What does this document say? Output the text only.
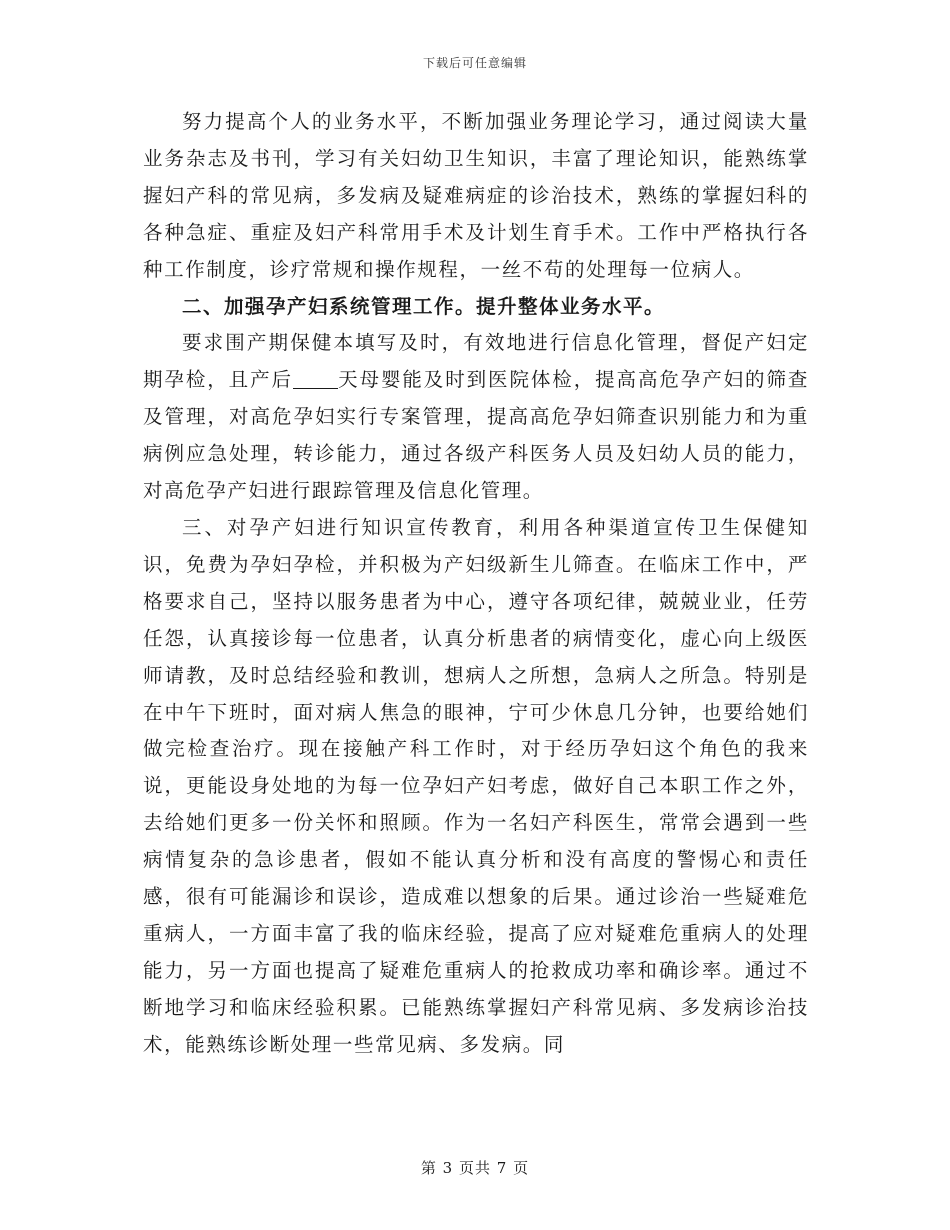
下载后可任意编辑

努力提高个人的业务水平，不断加强业务理论学习，通过阅读大量业务杂志及书刊，学习有关妇幼卫生知识，丰富了理论知识，能熟练掌握妇产科的常见病，多发病及疑难病症的诊治技术，熟练的掌握妇科的各种急症、重症及妇产科常用手术及计划生育手术。工作中严格执行各种工作制度，诊疗常规和操作规程，一丝不苟的处理每一位病人。

二、加强孕产妇系统管理工作。提升整体业务水平。

要求围产期保健本填写及时，有效地进行信息化管理，督促产妇定期孕检，且产后 天母婴能及时到医院体检，提高高危孕产妇的筛查及管理，对高危孕妇实行专案管理，提高高危孕妇筛查识别能力和为重病例应急处理，转诊能力，通过各级产科医务人员及妇幼人员的能力，对高危孕产妇进行跟踪管理及信息化管理。

三、对孕产妇进行知识宣传教育，利用各种渠道宣传卫生保健知识，免费为孕妇孕检，并积极为产妇级新生儿筛查。在临床工作中，严格要求自己，坚持以服务患者为中心，遵守各项纪律，兢兢业业，任劳任怨，认真接诊每一位患者，认真分析患者的病情变化，虚心向上级医师请教，及时总结经验和教训，想病人之所想，急病人之所急。特别是在中午下班时，面对病人焦急的眼神，宁可少休息几分钟，也要给她们做完检查治疗。现在接触产科工作时，对于经历孕妇这个角色的我来说，更能设身处地的为每一位孕妇产妇考虑，做好自己本职工作之外，去给她们更多一份关怀和照顾。作为一名妇产科医生，常常会遇到一些病情复杂的急诊患者，假如不能认真分析和没有高度的警惕心和责任感，很有可能漏诊和误诊，造成难以想象的后果。通过诊治一些疑难危重病人，一方面丰富了我的临床经验，提高了应对疑难危重病人的处理能力，另一方面也提高了疑难危重病人的抢救成功率和确诊率。通过不断地学习和临床经验积累。已能熟练掌握妇产科常见病、多发病诊治技术，能熟练诊断处理一些常见病、多发病。同

第 3 页共 7 页
